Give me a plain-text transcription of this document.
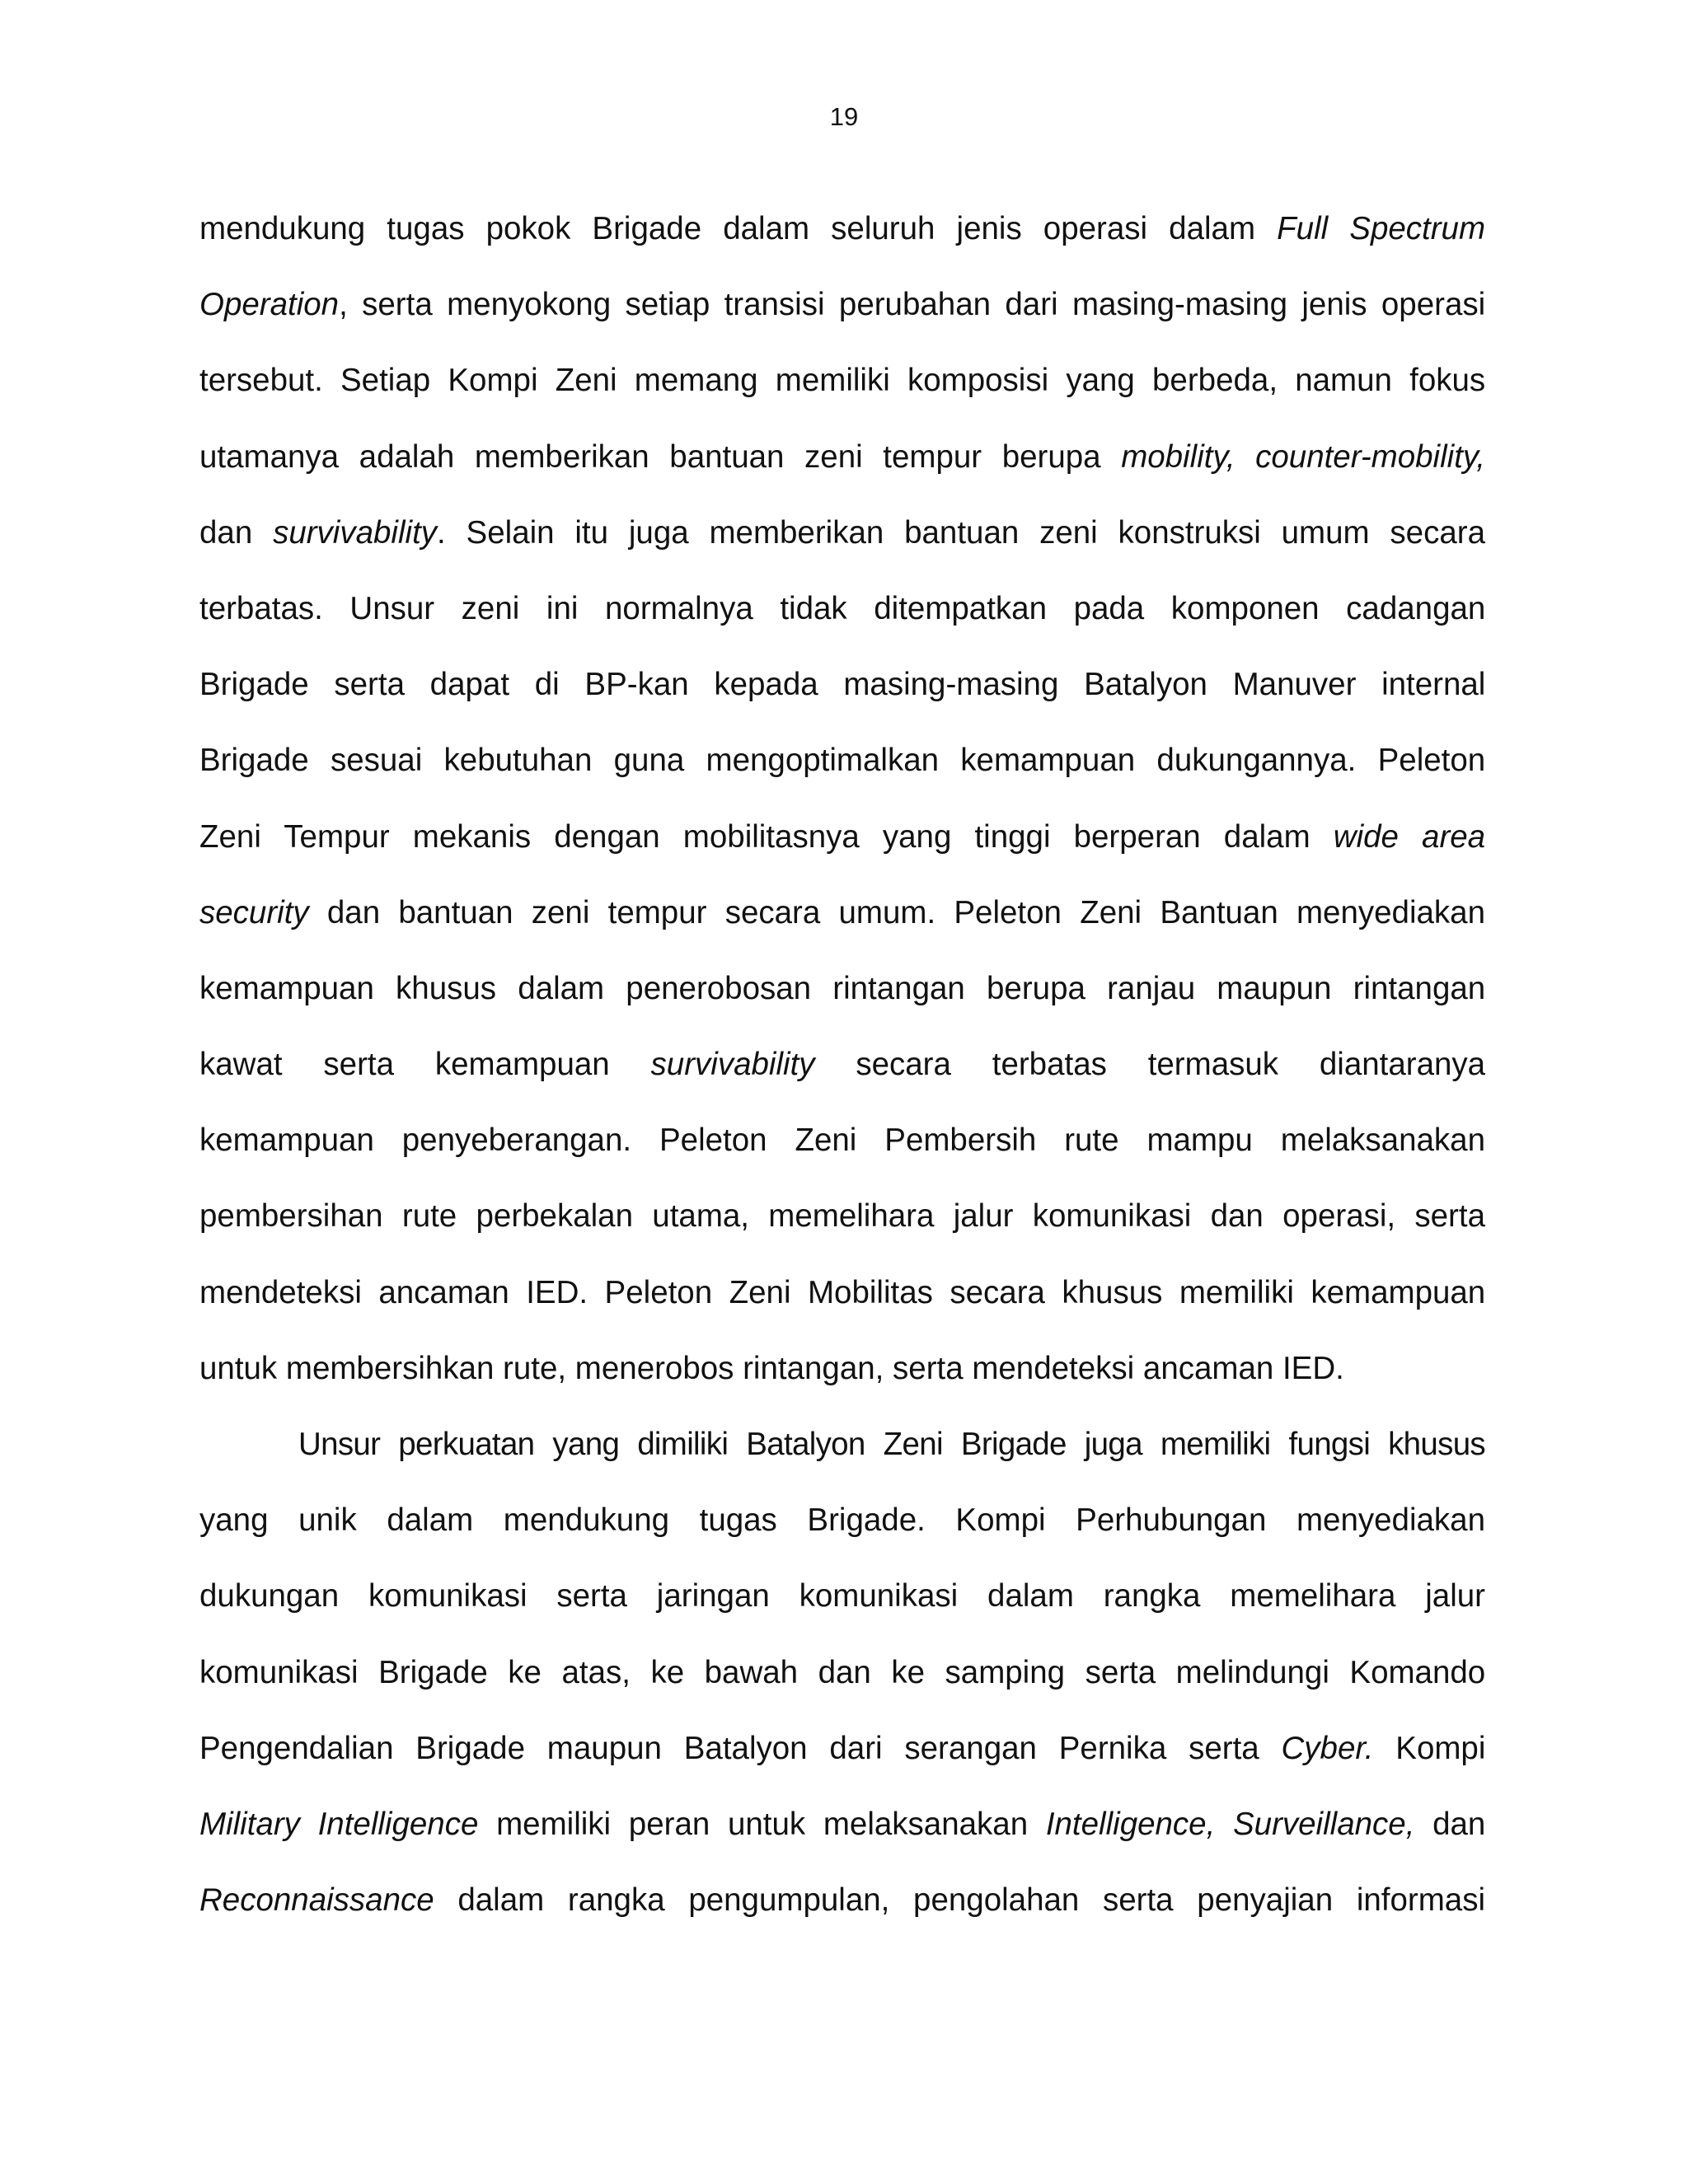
19
mendukung tugas pokok Brigade dalam seluruh jenis operasi dalam Full Spectrum
Operation, serta menyokong setiap transisi perubahan dari masing-masing jenis operasi
tersebut. Setiap Kompi Zeni memang memiliki komposisi yang berbeda, namun fokus
utamanya adalah memberikan bantuan zeni tempur berupa mobility, counter-mobility,
dan survivability. Selain itu juga memberikan bantuan zeni konstruksi umum secara
terbatas. Unsur zeni ini normalnya tidak ditempatkan pada komponen cadangan
Brigade serta dapat di BP-kan kepada masing-masing Batalyon Manuver internal
Brigade sesuai kebutuhan guna mengoptimalkan kemampuan dukungannya. Peleton
Zeni Tempur mekanis dengan mobilitasnya yang tinggi berperan dalam wide area
security dan bantuan zeni tempur secara umum. Peleton Zeni Bantuan menyediakan
kemampuan khusus dalam penerobosan rintangan berupa ranjau maupun rintangan
kawat serta kemampuan survivability secara terbatas termasuk diantaranya
kemampuan penyeberangan. Peleton Zeni Pembersih rute mampu melaksanakan
pembersihan rute perbekalan utama, memelihara jalur komunikasi dan operasi, serta
mendeteksi ancaman IED. Peleton Zeni Mobilitas secara khusus memiliki kemampuan
untuk membersihkan rute, menerobos rintangan, serta mendeteksi ancaman IED.
Unsur perkuatan yang dimiliki Batalyon Zeni Brigade juga memiliki fungsi khusus
yang unik dalam mendukung tugas Brigade. Kompi Perhubungan menyediakan
dukungan komunikasi serta jaringan komunikasi dalam rangka memelihara jalur
komunikasi Brigade ke atas, ke bawah dan ke samping serta melindungi Komando
Pengendalian Brigade maupun Batalyon dari serangan Pernika serta Cyber. Kompi
Military Intelligence memiliki peran untuk melaksanakan Intelligence, Surveillance, dan
Reconnaissance dalam rangka pengumpulan, pengolahan serta penyajian informasi
